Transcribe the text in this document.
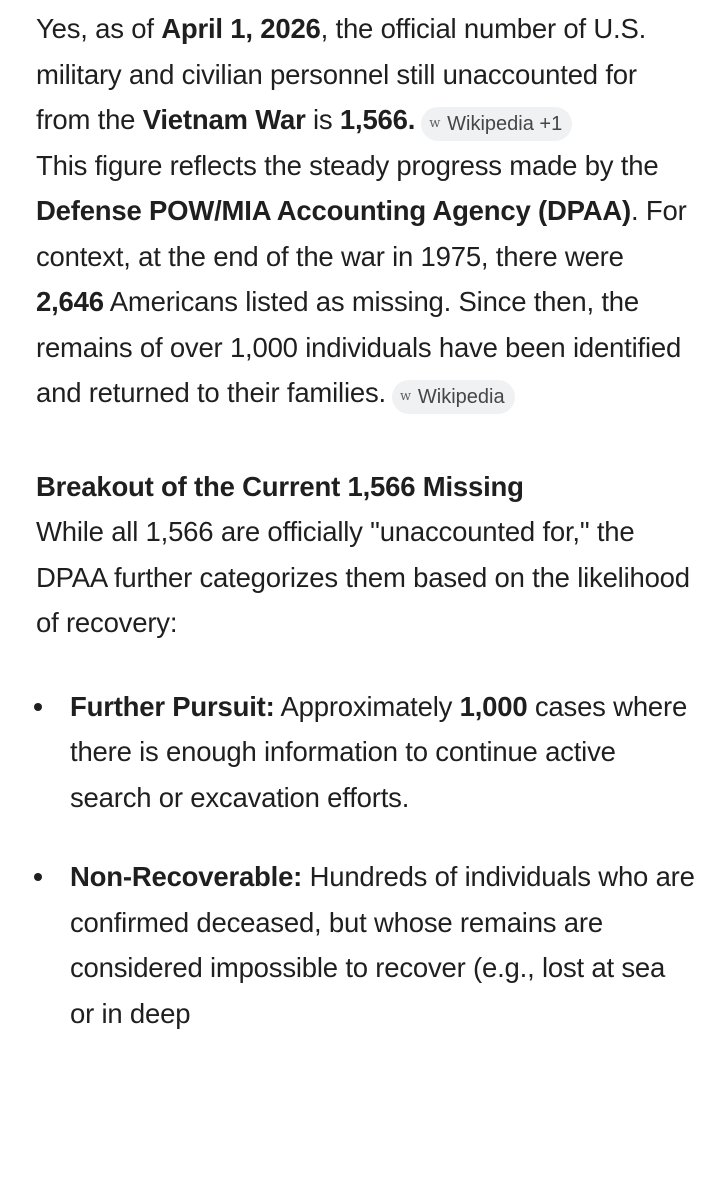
Yes, as of April 1, 2026, the official number of U.S. military and civilian personnel still unaccounted for from the Vietnam War is 1,566. w Wikipedia +1

This figure reflects the steady progress made by the Defense POW/MIA Accounting Agency (DPAA). For context, at the end of the war in 1975, there were 2,646 Americans listed as missing. Since then, the remains of over 1,000 individuals have been identified and returned to their families. w Wikipedia

Breakout of the Current 1,566 Missing

While all 1,566 are officially "unaccounted for," the DPAA further categorizes them based on the likelihood of recovery:

Further Pursuit: Approximately 1,000 cases where there is enough information to continue active search or excavation efforts.
Non-Recoverable: Hundreds of individuals who are confirmed deceased, but whose remains are considered impossible to recover (e.g., lost at sea or in deep
